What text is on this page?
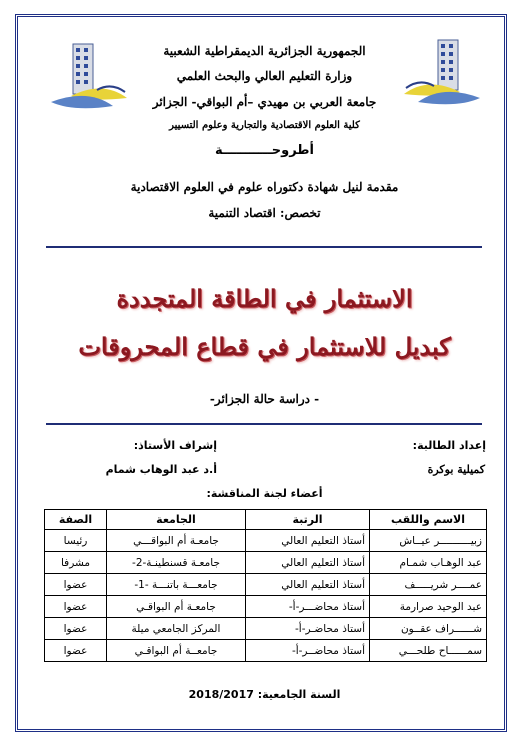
الجمهورية الجزائرية الديمقراطية الشعبية
وزارة التعليم العالي والبحث العلمي
جامعة العربي بن مهيدي –أم البواقي- الجزائر
كلية العلوم الاقتصادية والتجارية وعلوم التسيير
أطروحـــــــــــة
مقدمة لنيل شهادة دكتوراه علوم في العلوم الاقتصادية
تخصص: اقتصاد التنمية
الاستثمار في الطاقة المتجددة
كبديل للاستثمار في قطاع المحروقات
- دراسة حالة الجزائر-
إعداد الطالبة:
كميلية بوكرة
إشراف الأستاذ:
أ.د عبد الوهاب شمام
أعضاء لجنة المناقشة:
الاسم واللقب	الرتبة	الجامعة	الصفة
زبيــــــــــر عيــاش	أستاذ التعليم العالي	جامعـة أم البواقـــي	رئيسا
عبد الوهـاب شمـام	أستاذ التعليم العالي	جامعـة قسنطينـة-2-	مشرفا
عمــــر شريـــــف	أستاذ التعليم العالي	جامعـــة باتنـــة -1-	عضوا
عبد الوحيد صرارمة	أستاذ محاضـــر-أ-	جامعـة أم البواقـي	عضوا
شــــــراف عقــون	أستاذ محاضـر-أ-	المركز الجامعي ميلة	عضوا
سمــــــاح طلحـــي	أستاذ محاضــر-أ-	جامعــة أم البواقـي	عضوا
السنة الجامعية: 2018/2017
